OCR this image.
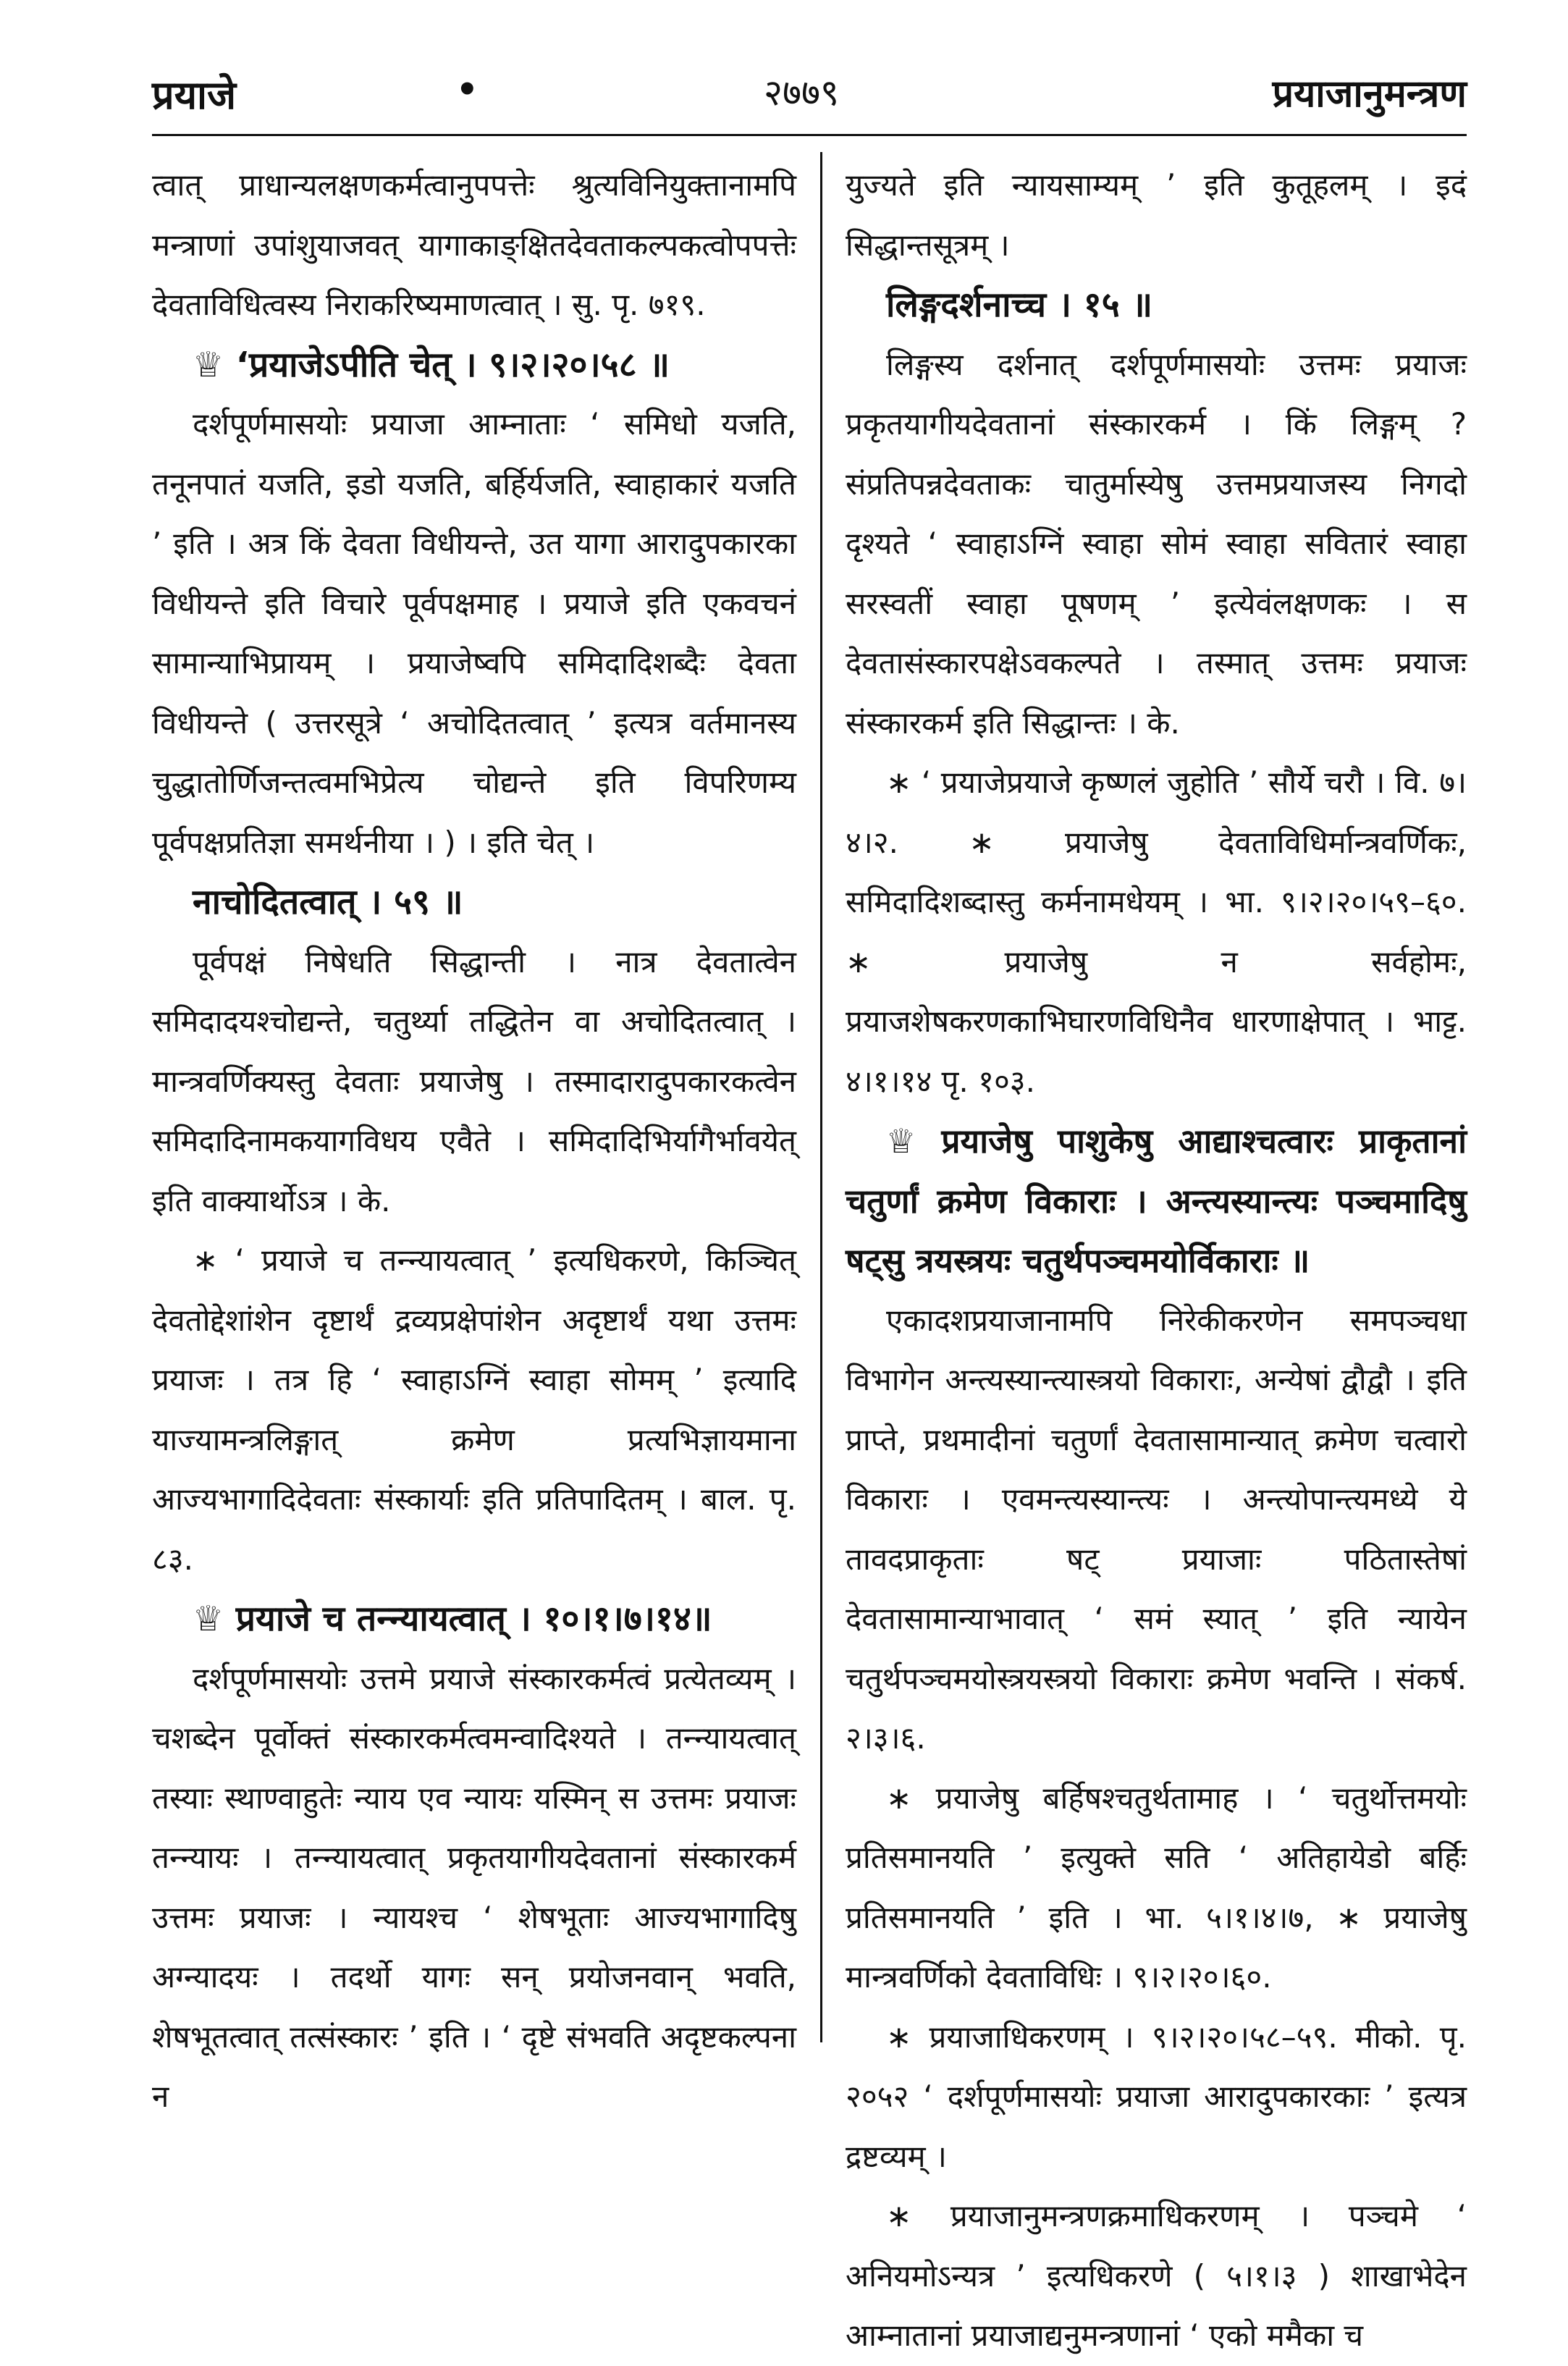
प्रयाजे	•	२७७९	प्रयाजानुमन्त्रण

त्वात् प्राधान्यलक्षणकर्मत्वानुपपत्तेः श्रुत्यविनियुक्तानामपि मन्त्राणां उपांशुयाजवत् यागाकाङ्क्षितदेवताकल्पकत्वोपपत्तेः देवताविधित्वस्य निराकरिष्यमाणत्वात् । सु. पृ. ७१९.

♕ ‘प्रयाजेऽपीति चेत् । ९।२।२०।५८ ॥

दर्शपूर्णमासयोः प्रयाजा आम्नाताः ‘ समिधो यजति, तनूनपातं यजति, इडो यजति, बर्हिर्यजति, स्वाहाकारं यजति ’ इति । अत्र किं देवता विधीयन्ते, उत यागा आरादुपकारका विधीयन्ते इति विचारे पूर्वपक्षमाह । प्रयाजे इति एकवचनं सामान्याभिप्रायम् । प्रयाजेष्वपि समिदादिशब्दैः देवता विधीयन्ते ( उत्तरसूत्रे ‘ अचोदितत्वात् ’ इत्यत्र वर्तमानस्य चुद्धातोर्णिजन्तत्वमभिप्रेत्य चोद्यन्ते इति विपरिणम्य पूर्वपक्षप्रतिज्ञा समर्थनीया । ) । इति चेत् ।

नाचोदितत्वात् । ५९ ॥

पूर्वपक्षं निषेधति सिद्धान्ती । नात्र देवतात्वेन समिदादयश्चोद्यन्ते, चतुर्थ्या तद्धितेन वा अचोदितत्वात् । मान्त्रवर्णिक्यस्तु देवताः प्रयाजेषु । तस्मादारादुपकारकत्वेन समिदादिनामकयागविधय एवैते । समिदादिभिर्यागैर्भावयेत् इति वाक्यार्थोऽत्र । के.

∗ ‘ प्रयाजे च तन्न्यायत्वात् ’ इत्यधिकरणे, किञ्चित् देवतोद्देशांशेन दृष्टार्थं द्रव्यप्रक्षेपांशेन अदृष्टार्थं यथा उत्तमः प्रयाजः । तत्र हि ‘ स्वाहाऽग्निं स्वाहा सोमम् ’ इत्यादि याज्यामन्त्रलिङ्गात् क्रमेण प्रत्यभिज्ञायमाना आज्यभागादिदेवताः संस्कार्याः इति प्रतिपादितम् । बाल. पृ. ८३.

♕ प्रयाजे च तन्न्यायत्वात् । १०।१।७।१४॥

दर्शपूर्णमासयोः उत्तमे प्रयाजे संस्कारकर्मत्वं प्रत्येतव्यम् । चशब्देन पूर्वोक्तं संस्कारकर्मत्वमन्वादिश्यते । तन्न्यायत्वात् तस्याः स्थाण्वाहुतेः न्याय एव न्यायः यस्मिन् स उत्तमः प्रयाजः तन्न्यायः । तन्न्यायत्वात् प्रकृतयागीयदेवतानां संस्कारकर्म उत्तमः प्रयाजः । न्यायश्च ‘ शेषभूताः आज्यभागादिषु अग्न्यादयः । तदर्थो यागः सन् प्रयोजनवान् भवति, शेषभूतत्वात् तत्संस्कारः ’ इति । ‘ दृष्टे संभवति अदृष्टकल्पना न

युज्यते इति न्यायसाम्यम् ’ इति कुतूहलम् । इदं सिद्धान्तसूत्रम् ।

लिङ्गदर्शनाच्च । १५ ॥

लिङ्गस्य दर्शनात् दर्शपूर्णमासयोः उत्तमः प्रयाजः प्रकृतयागीयदेवतानां संस्कारकर्म । किं लिङ्गम् ? संप्रतिपन्नदेवताकः चातुर्मास्येषु उत्तमप्रयाजस्य निगदो दृश्यते ‘ स्वाहाऽग्निं स्वाहा सोमं स्वाहा सवितारं स्वाहा सरस्वतीं स्वाहा पूषणम् ’ इत्येवंलक्षणकः । स देवतासंस्कारपक्षेऽवकल्पते । तस्मात् उत्तमः प्रयाजः संस्कारकर्म इति सिद्धान्तः । के.

∗ ‘ प्रयाजेप्रयाजे कृष्णलं जुहोति ’ सौर्ये चरौ । वि. ७।४।२. ∗ प्रयाजेषु देवताविधिर्मान्त्रवर्णिकः, समिदादिशब्दास्तु कर्मनामधेयम् । भा. ९।२।२०।५९–६०. ∗ प्रयाजेषु न सर्वहोमः, प्रयाजशेषकरणकाभिघारणविधिनैव धारणाक्षेपात् । भाट्ट. ४।१।१४ पृ. १०३.

♕ प्रयाजेषु पाशुकेषु आद्याश्चत्वारः प्राकृतानां चतुर्णां क्रमेण विकाराः । अन्त्यस्यान्त्यः पञ्चमादिषु षट्सु त्रयस्त्रयः चतुर्थपञ्चमयोर्विकाराः ॥

एकादशप्रयाजानामपि निरेकीकरणेन समपञ्चधा विभागेन अन्त्यस्यान्त्यास्त्रयो विकाराः, अन्येषां द्वौद्वौ । इति प्राप्ते, प्रथमादीनां चतुर्णां देवतासामान्यात् क्रमेण चत्वारो विकाराः । एवमन्त्यस्यान्त्यः । अन्त्योपान्त्यमध्ये ये तावदप्राकृताः षट् प्रयाजाः पठितास्तेषां देवतासामान्याभावात् ‘ समं स्यात् ’ इति न्यायेन चतुर्थपञ्चमयोस्त्रयस्त्रयो विकाराः क्रमेण भवन्ति । संकर्ष. २।३।६.

∗ प्रयाजेषु बर्हिषश्चतुर्थतामाह । ‘ चतुर्थोत्तमयोः प्रतिसमानयति ’ इत्युक्ते सति ‘ अतिहायेडो बर्हिः प्रतिसमानयति ’ इति । भा. ५।१।४।७, ∗ प्रयाजेषु मान्त्रवर्णिको देवताविधिः । ९।२।२०।६०.

∗ प्रयाजाधिकरणम् । ९।२।२०।५८–५९. मीको. पृ. २०५२ ‘ दर्शपूर्णमासयोः प्रयाजा आरादुपकारकाः ’ इत्यत्र द्रष्टव्यम् ।

∗ प्रयाजानुमन्त्रणक्रमाधिकरणम् । पञ्चमे ‘ अनियमोऽन्यत्र ’ इत्यधिकरणे ( ५।१।३ ) शाखाभेदेन आम्नातानां प्रयाजाद्यनुमन्त्रणानां ‘ एको ममैका च
